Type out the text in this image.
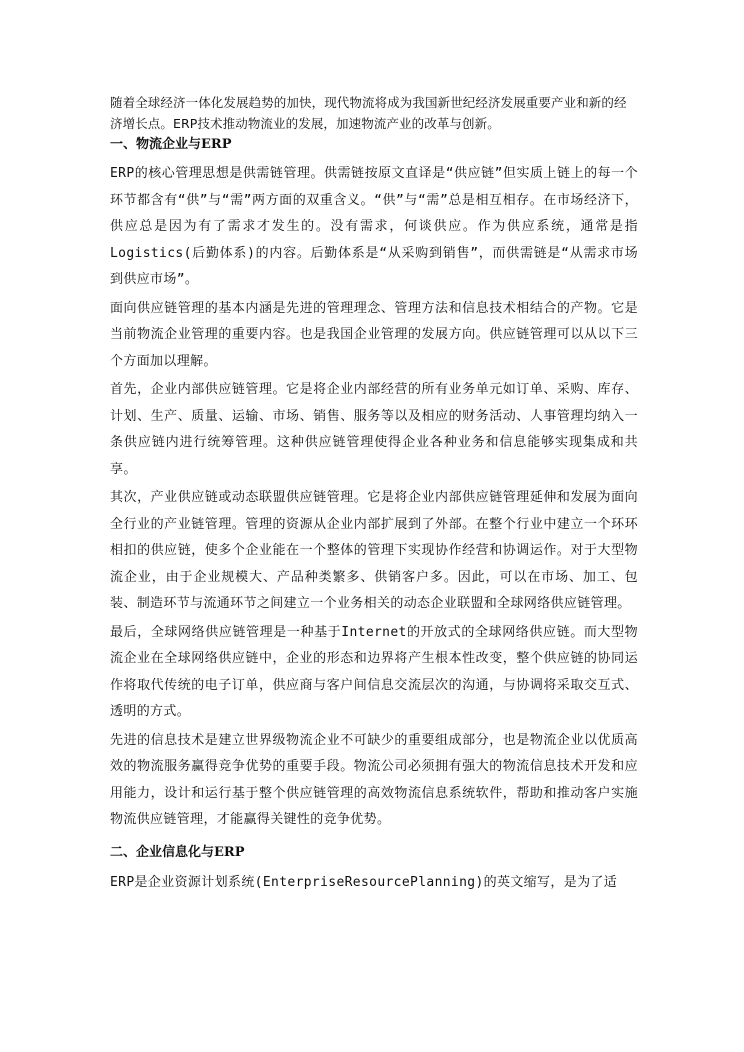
随着全球经济一体化发展趋势的加快，现代物流将成为我国新世纪经济发展重要产业和新的经济增长点。ERP技术推动物流业的发展，加速物流产业的改革与创新。

一、物流企业与ERP

ERP的核心管理思想是供需链管理。供需链按原文直译是“供应链”但实质上链上的每一个环节都含有“供”与“需”两方面的双重含义。“供”与“需”总是相互相存。在市场经济下，供应总是因为有了需求才发生的。没有需求，何谈供应。作为供应系统，通常是指Logistics(后勤体系)的内容。后勤体系是“从采购到销售”，而供需链是“从需求市场到供应市场”。

面向供应链管理的基本内涵是先进的管理理念、管理方法和信息技术相结合的产物。它是当前物流企业管理的重要内容。也是我国企业管理的发展方向。供应链管理可以从以下三个方面加以理解。

首先，企业内部供应链管理。它是将企业内部经营的所有业务单元如订单、采购、库存、计划、生产、质量、运输、市场、销售、服务等以及相应的财务活动、人事管理均纳入一条供应链内进行统筹管理。这种供应链管理使得企业各种业务和信息能够实现集成和共享。

其次，产业供应链或动态联盟供应链管理。它是将企业内部供应链管理延伸和发展为面向全行业的产业链管理。管理的资源从企业内部扩展到了外部。在整个行业中建立一个环环相扣的供应链，使多个企业能在一个整体的管理下实现协作经营和协调运作。对于大型物流企业，由于企业规模大、产品种类繁多、供销客户多。因此，可以在市场、加工、包装、制造环节与流通环节之间建立一个业务相关的动态企业联盟和全球网络供应链管理。

最后，全球网络供应链管理是一种基于Internet的开放式的全球网络供应链。而大型物流企业在全球网络供应链中，企业的形态和边界将产生根本性改变，整个供应链的协同运作将取代传统的电子订单，供应商与客户间信息交流层次的沟通，与协调将采取交互式、透明的方式。

先进的信息技术是建立世界级物流企业不可缺少的重要组成部分，也是物流企业以优质高效的物流服务赢得竞争优势的重要手段。物流公司必须拥有强大的物流信息技术开发和应用能力，设计和运行基于整个供应链管理的高效物流信息系统软件，帮助和推动客户实施物流供应链管理，才能赢得关键性的竞争优势。

二、企业信息化与ERP

ERP是企业资源计划系统(EnterpriseResourcePlanning)的英文缩写，是为了适
